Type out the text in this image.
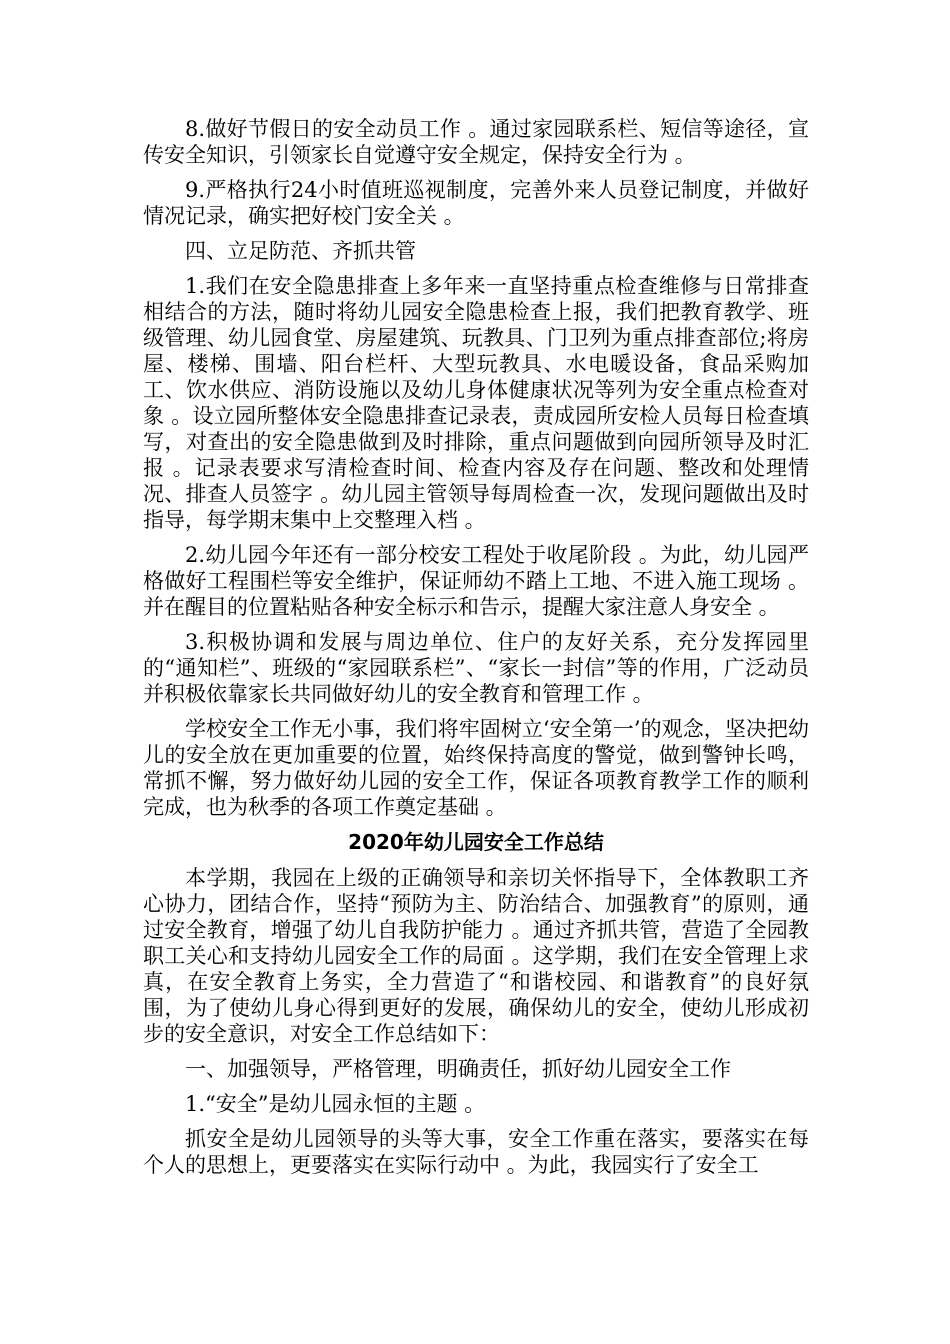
8.做好节假日的安全动员工作 。通过家园联系栏、短信等途径，宣传安全知识，引领家长自觉遵守安全规定，保持安全行为 。

9.严格执行24小时值班巡视制度，完善外来人员登记制度，并做好情况记录，确实把好校门安全关 。

四、立足防范、齐抓共管

1.我们在安全隐患排查上多年来一直坚持重点检查维修与日常排查相结合的方法，随时将幼儿园安全隐患检查上报，我们把教育教学、班级管理、幼儿园食堂、房屋建筑、玩教具、门卫列为重点排查部位;将房屋、楼梯、围墙、阳台栏杆、大型玩教具、水电暖设备，食品采购加工、饮水供应、消防设施以及幼儿身体健康状况等列为安全重点检查对象 。设立园所整体安全隐患排查记录表，责成园所安检人员每日检查填写，对查出的安全隐患做到及时排除，重点问题做到向园所领导及时汇报 。记录表要求写清检查时间、检查内容及存在问题、整改和处理情况、排查人员签字 。幼儿园主管领导每周检查一次，发现问题做出及时指导，每学期末集中上交整理入档 。

2.幼儿园今年还有一部分校安工程处于收尾阶段 。为此，幼儿园严格做好工程围栏等安全维护，保证师幼不踏上工地、不进入施工现场 。并在醒目的位置粘贴各种安全标示和告示，提醒大家注意人身安全 。

3.积极协调和发展与周边单位、住户的友好关系，充分发挥园里的“通知栏”、班级的“家园联系栏”、“家长一封信”等的作用，广泛动员并积极依靠家长共同做好幼儿的安全教育和管理工作 。

学校安全工作无小事，我们将牢固树立‘安全第一’的观念，坚决把幼儿的安全放在更加重要的位置，始终保持高度的警觉，做到警钟长鸣，常抓不懈，努力做好幼儿园的安全工作，保证各项教育教学工作的顺利完成，也为秋季的各项工作奠定基础 。

2020年幼儿园安全工作总结

本学期，我园在上级的正确领导和亲切关怀指导下，全体教职工齐心协力，团结合作，坚持“预防为主、防治结合、加强教育”的原则，通过安全教育，增强了幼儿自我防护能力 。通过齐抓共管，营造了全园教职工关心和支持幼儿园安全工作的局面 。这学期，我们在安全管理上求真，在安全教育上务实，全力营造了“和谐校园、和谐教育”的良好氛围，为了使幼儿身心得到更好的发展，确保幼儿的安全，使幼儿形成初步的安全意识，对安全工作总结如下：

一、加强领导，严格管理，明确责任，抓好幼儿园安全工作

1.“安全”是幼儿园永恒的主题 。

抓安全是幼儿园领导的头等大事，安全工作重在落实，要落实在每个人的思想上，更要落实在实际行动中 。为此，我园实行了安全工
